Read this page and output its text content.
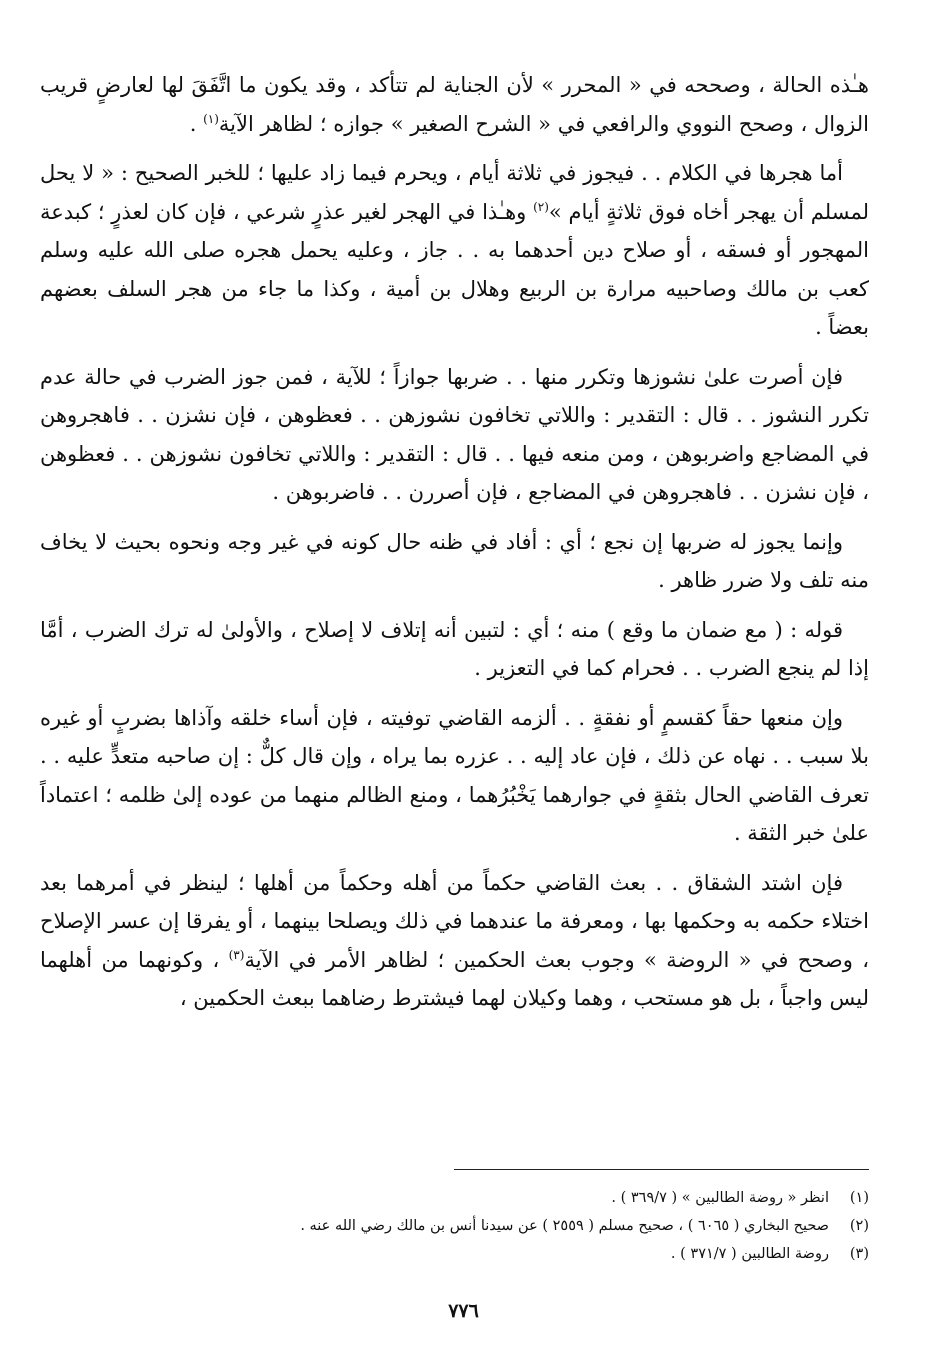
هـٰذه الحالة ، وصححه في « المحرر » لأن الجناية لم تتأكد ، وقد يكون ما اتَّفَقَ لها لعارضٍ قريب الزوال ، وصحح النووي والرافعي في « الشرح الصغير » جوازه ؛ لظاهر الآية$^{(١)}$ .

أما هجرها في الكلام . . فيجوز في ثلاثة أيام ، ويحرم فيما زاد عليها ؛ للخبر الصحيح : « لا يحل لمسلم أن يهجر أخاه فوق ثلاثةٍ أيام »$^{(٢)}$ وهـٰذا في الهجر لغير عذرٍ شرعي ، فإن كان لعذرٍ ؛ كبدعة المهجور أو فسقه ، أو صلاح دين أحدهما به . . جاز ، وعليه يحمل هجره صلى الله عليه وسلم كعب بن مالك وصاحبيه مرارة بن الربيع وهلال بن أمية ، وكذا ما جاء من هجر السلف بعضهم بعضاً .

فإن أصرت علىٰ نشوزها وتكرر منها . . ضربها جوازاً ؛ للآية ، فمن جوز الضرب في حالة عدم تكرر النشوز . . قال : التقدير : واللاتي تخافون نشوزهن . . فعظوهن ، فإن نشزن . . فاهجروهن في المضاجع واضربوهن ، ومن منعه فيها . . قال : التقدير : واللاتي تخافون نشوزهن . . فعظوهن ، فإن نشزن . . فاهجروهن في المضاجع ، فإن أصررن . . فاضربوهن .

وإنما يجوز له ضربها إن نجع ؛ أي : أفاد في ظنه حال كونه في غير وجه ونحوه بحيث لا يخاف منه تلف ولا ضرر ظاهر .

قوله : ( مع ضمان ما وقع ) منه ؛ أي : لتبين أنه إتلاف لا إصلاح ، والأولىٰ له ترك الضرب ، أمَّا إذا لم ينجع الضرب . . فحرام كما في التعزير .

وإن منعها حقاً كقسمٍ أو نفقةٍ . . ألزمه القاضي توفيته ، فإن أساء خلقه وآذاها بضربٍ أو غيره بلا سبب . . نهاه عن ذلك ، فإن عاد إليه . . عزره بما يراه ، وإن قال كلٌّ : إن صاحبه متعدٍّ عليه . . تعرف القاضي الحال بثقةٍ في جوارهما يَخْبُرُهما ، ومنع الظالم منهما من عوده إلىٰ ظلمه ؛ اعتماداً علىٰ خبر الثقة .

فإن اشتد الشقاق . . بعث القاضي حكماً من أهله وحكماً من أهلها ؛ لينظر في أمرهما بعد اختلاء حكمه به وحكمها بها ، ومعرفة ما عندهما في ذلك ويصلحا بينهما ، أو يفرقا إن عسر الإصلاح ، وصحح في « الروضة » وجوب بعث الحكمين ؛ لظاهر الأمر في الآية$^{(٣)}$ ، وكونهما من أهلهما ليس واجباً ، بل هو مستحب ، وهما وكيلان لهما فيشترط رضاهما ببعث الحكمين ،

(١)انظر « روضة الطالبين » ( ٣٦٩/٧ ) .

(٢)صحيح البخاري ( ٦٠٦٥ ) ، صحيح مسلم ( ٢٥٥٩ ) عن سيدنا أنس بن مالك رضي الله عنه .

(٣)روضة الطالبين ( ٣٧١/٧ ) .

٧٧٦
